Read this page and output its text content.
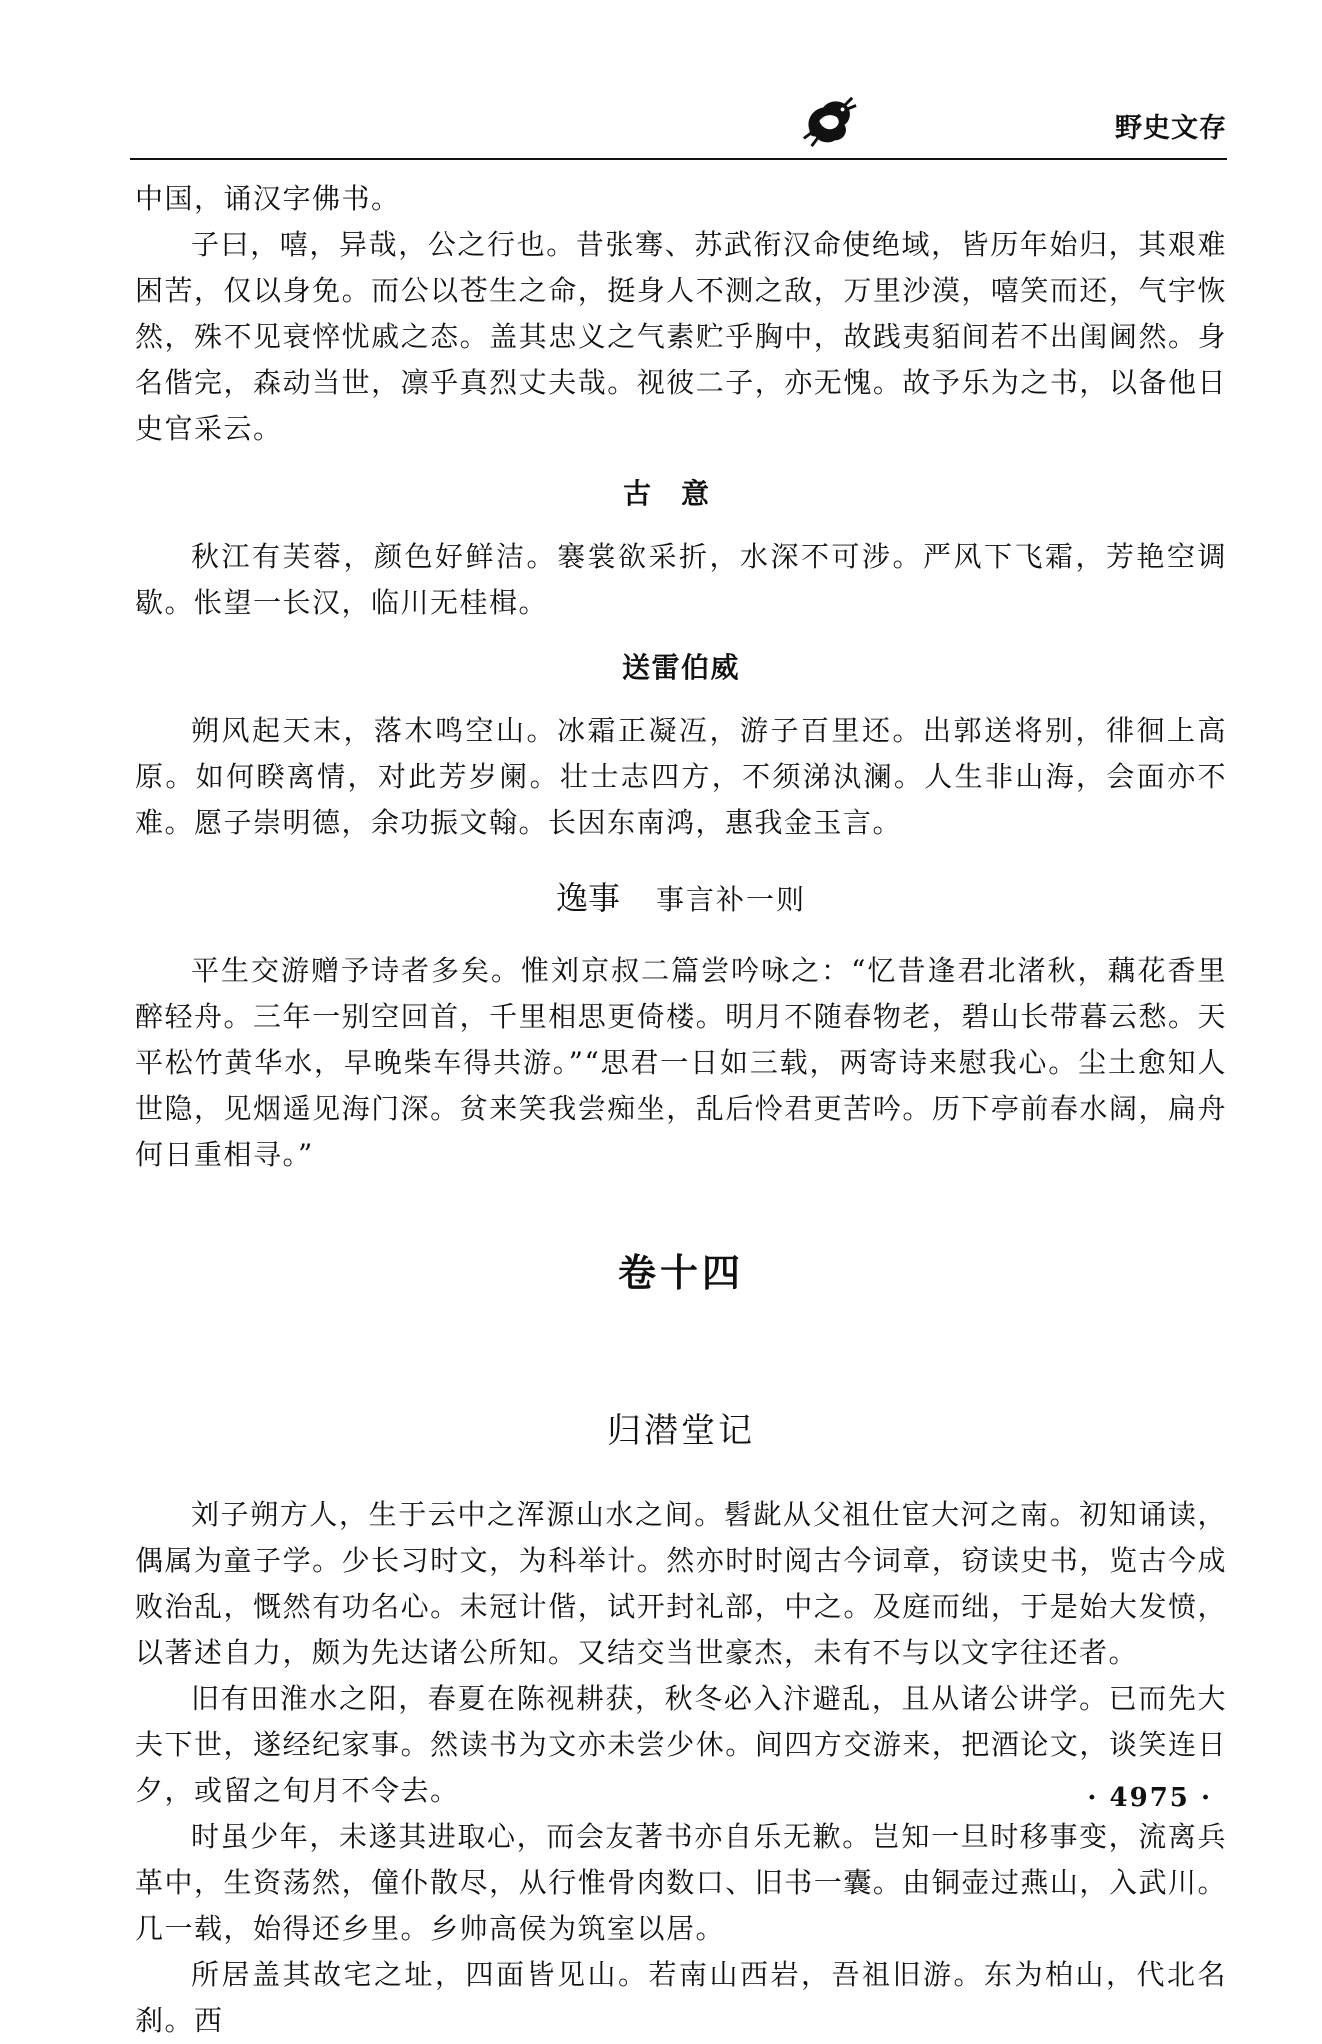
野史文存

中国，诵汉字佛书。

子曰，嘻，异哉，公之行也。昔张骞、苏武衔汉命使绝域，皆历年始归，其艰难困苦，仅以身免。而公以苍生之命，挺身人不测之敌，万里沙漠，嘻笑而还，气宇恢然，殊不见衰悴忧戚之态。盖其忠义之气素贮乎胸中，故践夷貊间若不出闺阃然。身名偕完，森动当世，凛乎真烈丈夫哉。视彼二子，亦无愧。故予乐为之书，以备他日史官采云。

古意

秋江有芙蓉，颜色好鲜洁。褰裳欲采折，水深不可涉。严风下飞霜，芳艳空调歇。怅望一长汉，临川无桂楫。

送雷伯威

朔风起天末，落木鸣空山。冰霜正凝冱，游子百里还。出郭送将别，徘徊上高原。如何睽离情，对此芳岁阑。壮士志四方，不须涕汍澜。人生非山海，会面亦不难。愿子崇明德，余功振文翰。长因东南鸿，惠我金玉言。

逸事 事言补一则

平生交游赠予诗者多矣。惟刘京叔二篇尝吟咏之：“忆昔逢君北渚秋，藕花香里醉轻舟。三年一别空回首，千里相思更倚楼。明月不随春物老，碧山长带暮云愁。天平松竹黄华水，早晚柴车得共游。”“思君一日如三载，两寄诗来慰我心。尘土愈知人世隐，见烟遥见海门深。贫来笑我尝痴坐，乱后怜君更苦吟。历下亭前春水阔，扁舟何日重相寻。”

卷十四
归潜堂记

刘子朔方人，生于云中之浑源山水之间。髫龀从父祖仕宦大河之南。初知诵读，偶属为童子学。少长习时文，为科举计。然亦时时阅古今词章，窃读史书，览古今成败治乱，慨然有功名心。未冠计偕，试开封礼部，中之。及庭而绌，于是始大发愤，以著述自力，颇为先达诸公所知。又结交当世豪杰，未有不与以文字往还者。

旧有田淮水之阳，春夏在陈视耕获，秋冬必入汴避乱，且从诸公讲学。已而先大夫下世，遂经纪家事。然读书为文亦未尝少休。间四方交游来，把酒论文，谈笑连日夕，或留之旬月不令去。

时虽少年，未遂其进取心，而会友著书亦自乐无歉。岂知一旦时移事变，流离兵革中，生资荡然，僮仆散尽，从行惟骨肉数口、旧书一囊。由铜壶过燕山，入武川。几一载，始得还乡里。乡帅高侯为筑室以居。

所居盖其故宅之址，四面皆见山。若南山西岩，吾祖旧游。东为柏山，代北名刹。西

· 4975 ·
